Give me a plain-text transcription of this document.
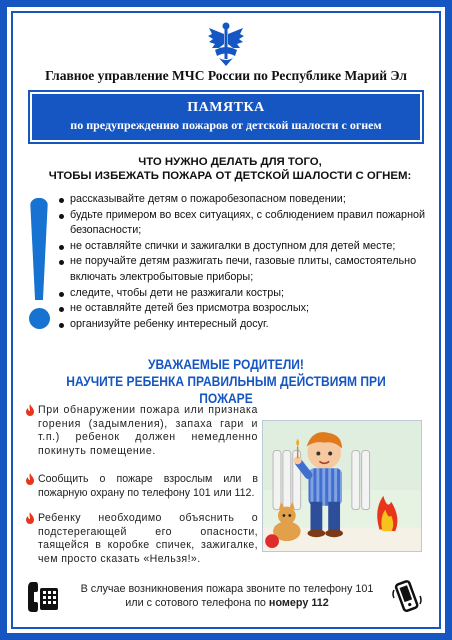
Главное управление МЧС России по Республике Марий Эл
ПАМЯТКА
по предупреждению пожаров от детской шалости с огнем
ЧТО НУЖНО ДЕЛАТЬ ДЛЯ ТОГО,
ЧТОБЫ ИЗБЕЖАТЬ ПОЖАРА ОТ ДЕТСКОЙ ШАЛОСТИ С ОГНЕМ:
рассказывайте детям о пожаробезопасном поведении;
будьте примером во всех ситуациях, с соблюдением правил пожарной безопасности;
не оставляйте спички и зажигалки в доступном для детей месте;
не поручайте детям разжигать печи, газовые плиты, самостоятельно включать электробытовые приборы;
следите, чтобы дети не разжигали костры;
не оставляйте детей без присмотра возрослых;
организуйте ребенку интересный досуг.
УВАЖАЕМЫЕ РОДИТЕЛИ!
НАУЧИТЕ РЕБЕНКА ПРАВИЛЬНЫМ ДЕЙСТВИЯМ ПРИ ПОЖАРЕ
При обнаружении пожара или признака горения (задымления), запаха гари и т.п.) ребенок должен немедленно покинуть помещение.
Сообщить о пожаре взрослым или в пожарную охрану по телефону 101 или 112.
Ребенку необходимо объяснить о подстерегающей его опасности, таящейся в коробке спичек, зажигалке, чем просто сказать «Нельзя!».
В случае возникновения пожара звоните по телефону 101
или с сотового телефона по номеру 112
